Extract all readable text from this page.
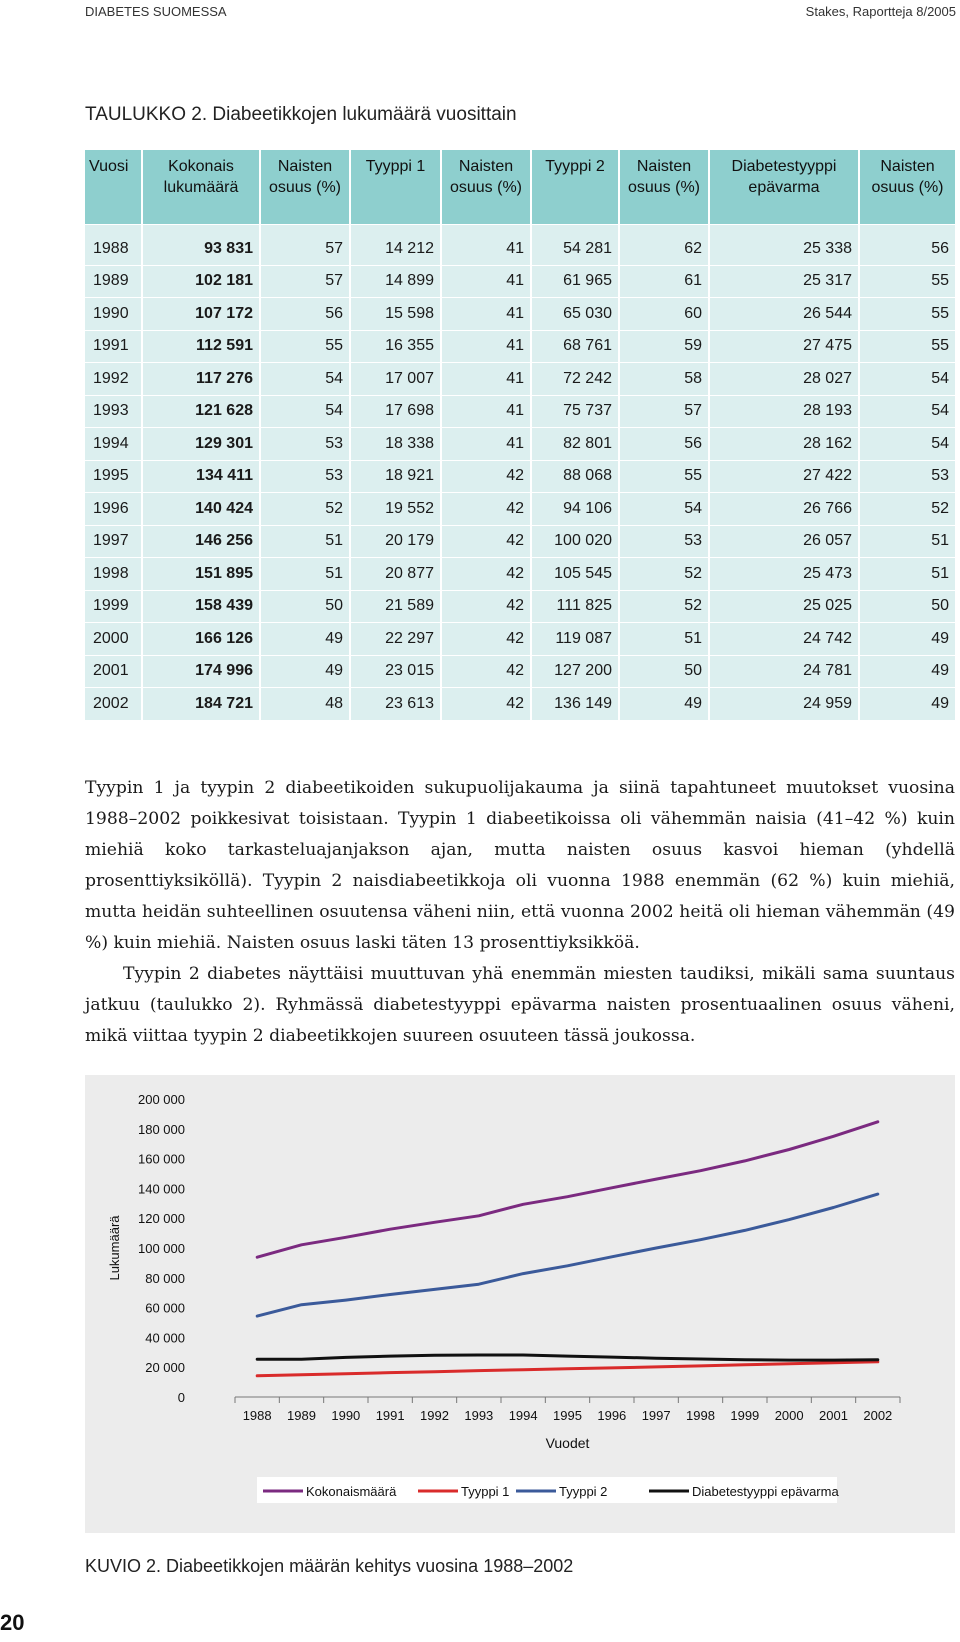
DIABETES SUOMESSA	Stakes, Raportteja 8/2005
TAULUKKO 2. Diabeetikkojen lukumäärä vuosittain
Vuosi	Kokonais lukumäärä	Naisten osuus (%)	Tyyppi 1	Naisten osuus (%)	Tyyppi 2	Naisten osuus (%)	Diabetestyyppi epävarma	Naisten osuus (%)
1988	93 831	57	14 212	41	54 281	62	25 338	56
1989	102 181	57	14 899	41	61 965	61	25 317	55
1990	107 172	56	15 598	41	65 030	60	26 544	55
1991	112 591	55	16 355	41	68 761	59	27 475	55
1992	117 276	54	17 007	41	72 242	58	28 027	54
1993	121 628	54	17 698	41	75 737	57	28 193	54
1994	129 301	53	18 338	41	82 801	56	28 162	54
1995	134 411	53	18 921	42	88 068	55	27 422	53
1996	140 424	52	19 552	42	94 106	54	26 766	52
1997	146 256	51	20 179	42	100 020	53	26 057	51
1998	151 895	51	20 877	42	105 545	52	25 473	51
1999	158 439	50	21 589	42	111 825	52	25 025	50
2000	166 126	49	22 297	42	119 087	51	24 742	49
2001	174 996	49	23 015	42	127 200	50	24 781	49
2002	184 721	48	23 613	42	136 149	49	24 959	49

Tyypin 1 ja tyypin 2 diabeetikoiden sukupuolijakauma ja siinä tapahtuneet muutokset vuosina 1988–2002 poikkesivat toisistaan. Tyypin 1 diabeetikoissa oli vähemmän naisia (41–42 %) kuin miehiä koko tarkasteluajanjakson ajan, mutta naisten osuus kasvoi hieman (yhdellä prosenttiyksiköllä). Tyypin 2 naisdiabeetikkoja oli vuonna 1988 enemmän (62 %) kuin miehiä, mutta heidän suhteellinen osuutensa väheni niin, että vuonna 2002 heitä oli hieman vähemmän (49 %) kuin miehiä. Naisten osuus laski täten 13 prosenttiyksikköä.

Tyypin 2 diabetes näyttäisi muuttuvan yhä enemmän miesten taudiksi, mikäli sama suuntaus jatkuu (taulukko 2). Ryhmässä diabetestyyppi epävarma naisten prosentuaalinen osuus väheni, mikä viittaa tyypin 2 diabeetikkojen suureen osuuteen tässä joukossa.

0
20 000
40 000
60 000
80 000
100 000
120 000
140 000
160 000
180 000
200 000
Lukumäärä
1988 1989 1990 1991 1992 1993 1994 1995 1996 1997 1998 1999 2000 2001 2002
Vuodet
Kokonaismäärä	Tyyppi 1	Tyyppi 2	Diabetestyyppi epävarma
KUVIO 2. Diabeetikkojen määrän kehitys vuosina 1988–2002
20
